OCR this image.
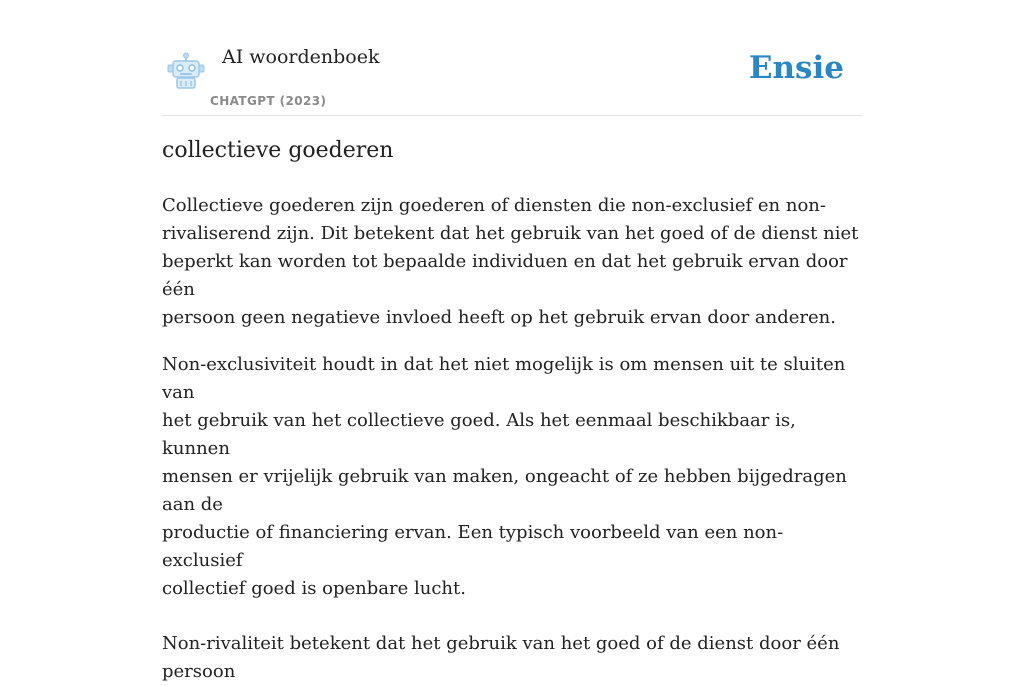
AI woordenboek
CHATGPT (2023)
Ensie
collectieve goederen

Collectieve goederen zijn goederen of diensten die non-exclusief en non-
rivaliserend zijn. Dit betekent dat het gebruik van het goed of de dienst niet
beperkt kan worden tot bepaalde individuen en dat het gebruik ervan door één
persoon geen negatieve invloed heeft op het gebruik ervan door anderen.

Non-exclusiviteit houdt in dat het niet mogelijk is om mensen uit te sluiten van
het gebruik van het collectieve goed. Als het eenmaal beschikbaar is, kunnen
mensen er vrijelijk gebruik van maken, ongeacht of ze hebben bijgedragen aan de
productie of financiering ervan. Een typisch voorbeeld van een non-exclusief
collectief goed is openbare lucht.

Non-rivaliteit betekent dat het gebruik van het goed of de dienst door één persoon
